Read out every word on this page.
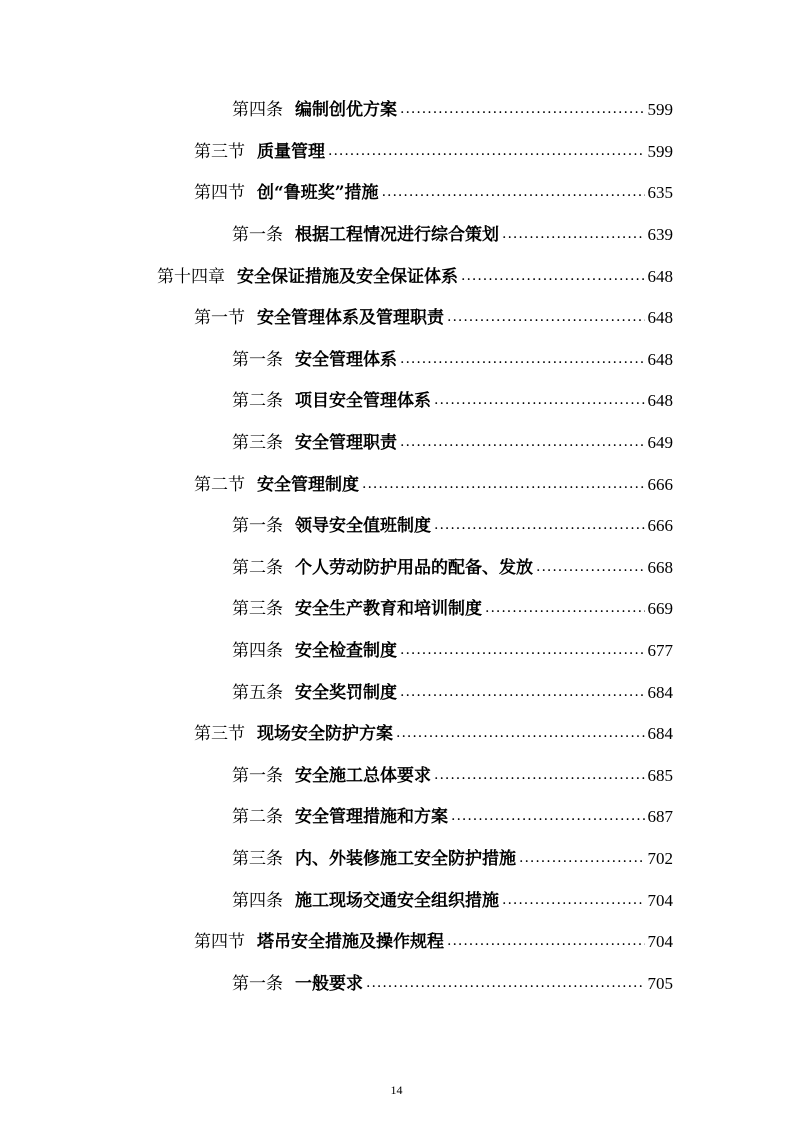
第四条 编制创优方案 .....	599
第三节 质量管理 .....	599
第四节 创“鲁班奖”措施 .....	635
第一条 根据工程情况进行综合策划 .....	639
第十四章 安全保证措施及安全保证体系 .....	648
第一节 安全管理体系及管理职责 .....	648
第一条 安全管理体系 .....	648
第二条 项目安全管理体系 .....	648
第三条 安全管理职责 .....	649
第二节 安全管理制度 .....	666
第一条 领导安全值班制度 .....	666
第二条 个人劳动防护用品的配备、发放 .....	668
第三条 安全生产教育和培训制度 .....	669
第四条 安全检查制度 .....	677
第五条 安全奖罚制度 .....	684
第三节 现场安全防护方案 .....	684
第一条 安全施工总体要求 .....	685
第二条 安全管理措施和方案 .....	687
第三条 内、外装修施工安全防护措施 .....	702
第四条 施工现场交通安全组织措施 .....	704
第四节 塔吊安全措施及操作规程 .....	704
第一条 一般要求 .....	705
14
